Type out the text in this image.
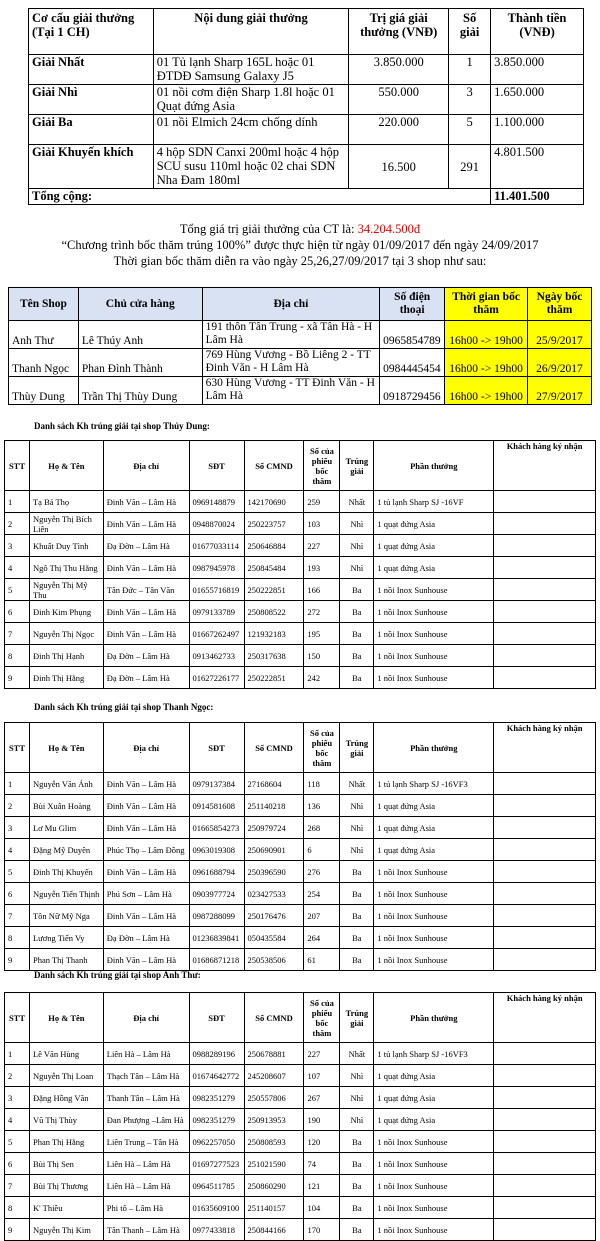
Cơ cấu giải thưởng (Tại 1 CH)	Nội dung giải thưởng	Trị giá giải thưởng (VNĐ)	Số giải	Thành tiền (VNĐ)
Giải Nhất	01 Tủ lạnh Sharp 165L hoặc 01 ĐTDĐ Samsung Galaxy J5	3.850.000	1	3.850.000
Giải Nhì	01 nồi cơm điện Sharp 1.8l hoặc 01 Quạt đứng Asia	550.000	3	1.650.000
Giải Ba	01 nồi Elmich 24cm chống dính	220.000	5	1.100.000
Giải Khuyến khích	4 hộp SDN Canxi 200ml hoặc 4 hộp SCU susu 110ml hoặc 02 chai SDN Nha Đam 180ml	16.500	291	4.801.500
Tổng cộng:				11.401.500
Tổng giá trị giải thưởng của CT là: 34.204.500đ
“Chương trình bốc thăm trúng 100%” được thực hiện từ ngày 01/09/2017 đến ngày 24/09/2017
Thời gian bốc thăm diễn ra vào ngày 25,26,27/09/2017 tại 3 shop như sau:
Tên Shop	Chủ cửa hàng	Địa chỉ	Số điện thoại	Thời gian bốc thăm	Ngày bốc thăm
Anh Thư	Lê Thúy Anh	191 thôn Tân Trung - xã Tân Hà - H Lâm Hà	0965854789	16h00 -> 19h00	25/9/2017
Thanh Ngọc	Phan Đình Thành	769 Hùng Vương - Bồ Liêng 2 - TT Đinh Văn - H Lâm Hà	0984445454	16h00 -> 19h00	26/9/2017
Thùy Dung	Trần Thị Thùy Dung	630 Hùng Vương - TT Đinh Văn - H Lâm Hà	0918729456	16h00 -> 19h00	27/9/2017
Danh sách Kh trúng giải tại shop Thủy Dung:
Danh sách Kh trúng giải tại shop Thanh Ngọc:
Danh sách Kh trúng giải tại shop Anh Thư:
STT	Họ & Tên	Địa chỉ	SĐT	Số CMND	Số của phiếu bốc thăm	Trúng giải	Phần thưởng	Khách hàng ký nhận
1	Tạ Bá Thọ	Đinh Văn – Lâm Hà	0969148879	142170690	259	Nhất	1 tủ lạnh Sharp SJ -16VF	
2	Nguyễn Thị Bích Liên	Đinh Văn – Lâm Hà	0948870024	250223757	103	Nhì	1 quạt đứng Asia	
3	Khuất Duy Tình	Đạ Đờn – Lâm Hà	01677033114	250646884	227	Nhì	1 quạt đứng Asia	
4	Ngô Thị Thu Hằng	Đinh Văn – Lâm Hà	0987945978	250845484	193	Nhì	1 quạt đứng Asia	
5	Nguyễn Thị Mỹ Thu	Tân Đức – Tân Văn	01655716819	250222851	166	Ba	1 nồi Inox Sunhouse	
6	Đinh Kim Phụng	Đinh Văn – Lâm Hà	0979133789	250808522	272	Ba	1 nồi Inox Sunhouse	
7	Nguyễn Thị Ngọc	Đinh Văn – Lâm Hà	01667262497	121932183	195	Ba	1 nồi Inox Sunhouse	
8	Đinh Thị Hạnh	Đạ Đờn – Lâm Hà	0913462733	250317638	150	Ba	1 nồi Inox Sunhouse	
9	Đinh Thị Hằng	Đạ Đờn – Lâm Hà	01627226177	250222851	242	Ba	1 nồi Inox Sunhouse	
STT	Họ & Tên	Địa chỉ	SĐT	Số CMND	Số của phiếu bốc thăm	Trúng giải	Phần thưởng	Khách hàng ký nhận
1	Nguyễn Văn Ánh	Đinh Văn – Lâm Hà	0979137384	27168604	118	Nhất	1 tủ lạnh Sharp SJ -16VF3	
2	Bùi Xuân Hoàng	Đinh Văn – Lâm Hà	0914581608	251140218	136	Nhì	1 quạt đứng Asia	
3	Lơ Mu Glim	Đinh Văn – Lâm Hà	01665854273	250979724	268	Nhì	1 quạt đứng Asia	
4	Đặng Mỹ Duyên	Phúc Thọ – Lâm Đồng	0963019308	250690901	6	Nhì	1 quạt đứng Asia	
5	Đinh Thị Khuyến	Đinh Văn – Lâm Hà	0961688794	250396590	276	Ba	1 nồi Inox Sunhouse	
6	Nguyễn Tiến Thịnh	Phú Sơn – Lâm Hà	0903977724	023427533	254	Ba	1 nồi Inox Sunhouse	
7	Tôn Nữ Mỹ Nga	Đinh Văn – Lâm Hà	0987288099	250176476	207	Ba	1 nồi Inox Sunhouse	
8	Lương Tiến Vy	Đạ Đờn – Lâm Hà	01236839841	050435584	264	Ba	1 nồi Inox Sunhouse	
9	Phan Thị Thanh	Đinh Văn – Lâm Hà	01686871218	250538506	61	Ba	1 nồi Inox Sunhouse	
STT	Họ & Tên	Địa chỉ	SĐT	Số CMND	Số của phiếu bốc thăm	Trúng giải	Phần thưởng	Khách hàng ký nhận
1	Lê Văn Hùng	Liên Hà – Lâm Hà	0988289196	250678881	227	Nhất	1 tủ lạnh Sharp SJ -16VF3	
2	Nguyễn Thị Loan	Thạch Tân – Lâm Hà	01674642772	245208607	107	Nhì	1 quạt đứng Asia	
3	Đặng Hồng Văn	Thanh Tân – Lâm Hà	0982351279	250557806	267	Nhì	1 quạt đứng Asia	
4	Vũ Thị Thùy	Đan Phượng –Lâm Hà	0982351279	250913953	190	Nhì	1 quạt đứng Asia	
5	Phan Thị Hằng	Liên Trung – Tân Hà	0962257050	250808593	120	Ba	1 nồi Inox Sunhouse	
6	Bùi Thị Sen	Liên Hà – Lâm Hà	01697277523	251021590	74	Ba	1 nồi Inox Sunhouse	
7	Bùi Thị Thương	Liên Hà – Lâm Hà	0964511785	250860290	121	Ba	1 nồi Inox Sunhouse	
8	K' Thiều	Phi tô – Lâm Hà	01635609100	251140157	104	Ba	1 nồi Inox Sunhouse	
9	Nguyễn Thị Kim	Tân Thanh – Lâm Hà	0977433818	250844166	170	Ba	1 nồi Inox Sunhouse	
